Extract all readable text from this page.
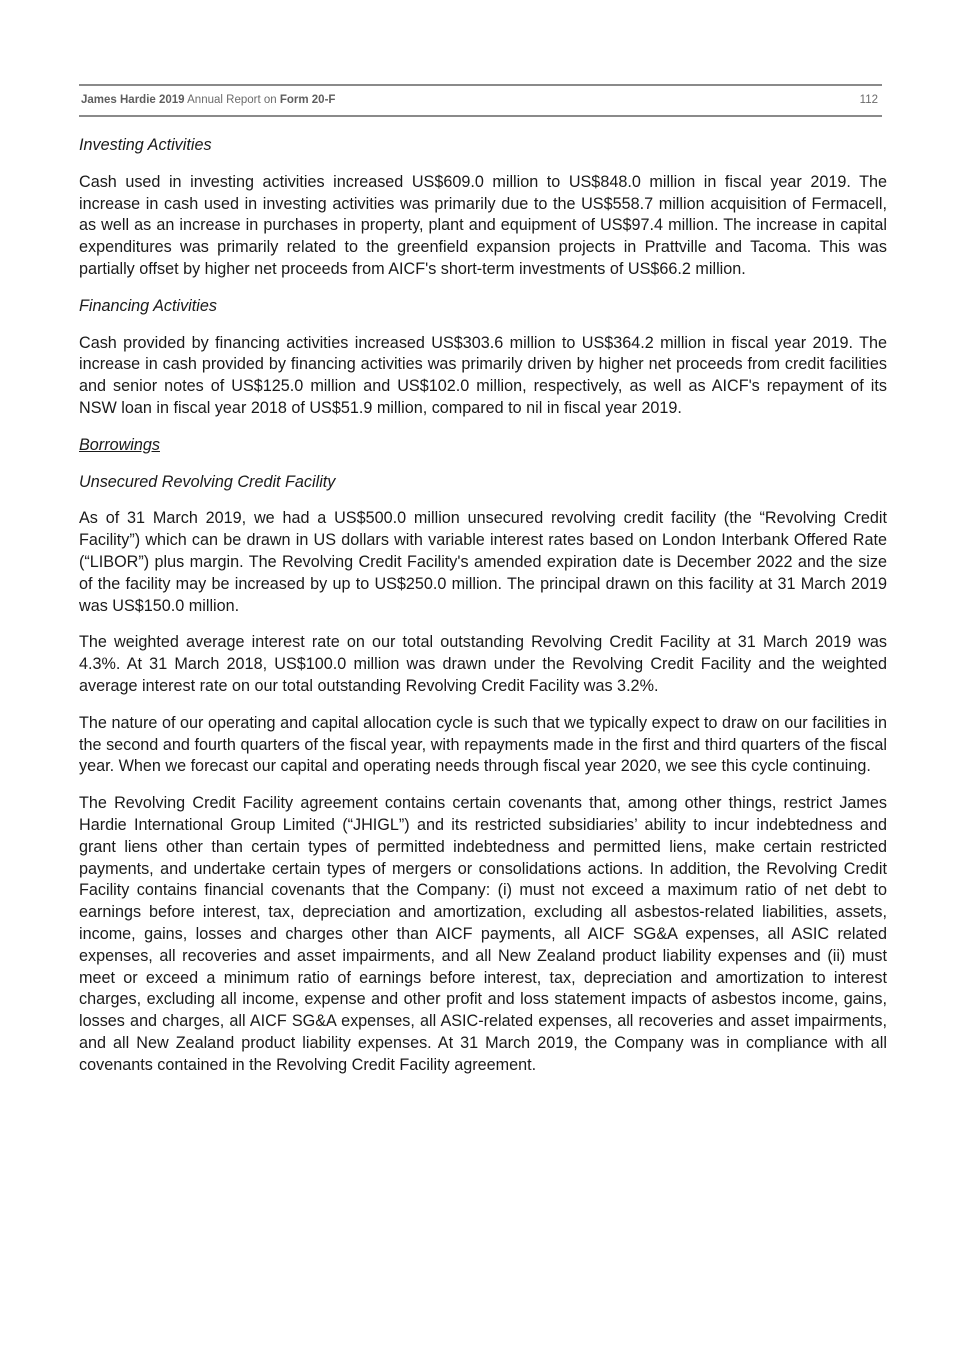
James Hardie 2019 Annual Report on Form 20-F	112
Investing Activities

Cash used in investing activities increased US$609.0 million to US$848.0 million in fiscal year 2019. The increase in cash used in investing activities was primarily due to the US$558.7 million acquisition of Fermacell, as well as an increase in purchases in property, plant and equipment of US$97.4 million. The increase in capital expenditures was primarily related to the greenfield expansion projects in Prattville and Tacoma. This was partially offset by higher net proceeds from AICF's short-term investments of US$66.2 million.

Financing Activities

Cash provided by financing activities increased US$303.6 million to US$364.2 million in fiscal year 2019. The increase in cash provided by financing activities was primarily driven by higher net proceeds from credit facilities and senior notes of US$125.0 million and US$102.0 million, respectively, as well as AICF's repayment of its NSW loan in fiscal year 2018 of US$51.9 million, compared to nil in fiscal year 2019.

Borrowings
Unsecured Revolving Credit Facility

As of 31 March 2019, we had a US$500.0 million unsecured revolving credit facility (the “Revolving Credit Facility”) which can be drawn in US dollars with variable interest rates based on London Interbank Offered Rate (“LIBOR”) plus margin. The Revolving Credit Facility's amended expiration date is December 2022 and the size of the facility may be increased by up to US$250.0 million. The principal drawn on this facility at 31 March 2019 was US$150.0 million.

The weighted average interest rate on our total outstanding Revolving Credit Facility at 31 March 2019 was 4.3%. At 31 March 2018, US$100.0 million was drawn under the Revolving Credit Facility and the weighted average interest rate on our total outstanding Revolving Credit Facility was 3.2%.

The nature of our operating and capital allocation cycle is such that we typically expect to draw on our facilities in the second and fourth quarters of the fiscal year, with repayments made in the first and third quarters of the fiscal year. When we forecast our capital and operating needs through fiscal year 2020, we see this cycle continuing.

The Revolving Credit Facility agreement contains certain covenants that, among other things, restrict James Hardie International Group Limited (“JHIGL”) and its restricted subsidiaries’ ability to incur indebtedness and grant liens other than certain types of permitted indebtedness and permitted liens, make certain restricted payments, and undertake certain types of mergers or consolidations actions. In addition, the Revolving Credit Facility contains financial covenants that the Company: (i) must not exceed a maximum ratio of net debt to earnings before interest, tax, depreciation and amortization, excluding all asbestos-related liabilities, assets, income, gains, losses and charges other than AICF payments, all AICF SG&A expenses, all ASIC related expenses, all recoveries and asset impairments, and all New Zealand product liability expenses and (ii) must meet or exceed a minimum ratio of earnings before interest, tax, depreciation and amortization to interest charges, excluding all income, expense and other profit and loss statement impacts of asbestos income, gains, losses and charges, all AICF SG&A expenses, all ASIC-related expenses, all recoveries and asset impairments, and all New Zealand product liability expenses. At 31 March 2019, the Company was in compliance with all covenants contained in the Revolving Credit Facility agreement.
